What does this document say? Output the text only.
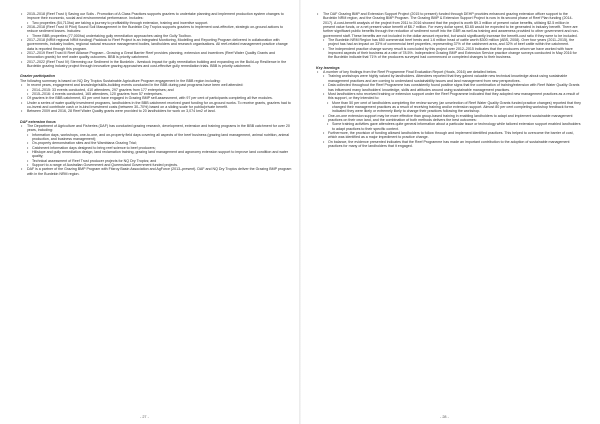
• 2015–2018 (Reef Trust I) Saving our Soils - Promotion of A Class Practices supports graziers to undertake planning and implement production system changes to improve their economic, social and environmental performance. Includes:
• Two properties (54,713ha) are taking a journey to profitability through extension, training and incentive support.
• 2016–2018 (Reef Trust III Pilot) Sound Soil Management in the Burdekin Dry Tropics supports graziers to implement cost-effective, strategic on-ground actions to reduce sediment losses. Includes:
• Three BBB properties (77,000ha) undertaking gully remediation approaches using the Gully Toolbox.
• 2017–2018 (NRM regional NRM funding) Paddock to Reef Project is an Integrated Monitoring, Modelling and Reporting Program delivered in collaboration with governments, industry bodies, regional natural resource management bodies, landholders and research organisations. All reef-related management practice change data is reported through this program.
• 2017–2019 Reef Trust III Reef Alliance Program - Growing a Great Barrier Reef provides planning, extension and incentives (Reef Water Quality Grants and Innovation grants) for reef water quality outcomes. BBB is priority catchment.
• 2017–2022 (Reef Trust IV) Stemming our Sediment in the Burdekin - livestock impact for gully remediation building and expanding on the Build-up Resilience in the Burdekin grazing industry project through innovative grazing approaches and cost-effective gully remediation trials. BBB is priority catchment.
Grazier participation

The following summary is based on NQ Dry Tropics Sustainable Agriculture Program engagement in the BBB region including:

• In recent years, engagement and knowledge/skills-building events conducted in the BBB during past programs have been well attended:
• 2014–2015: 33 events conducted, 410 attendees, 297 graziers from 177 enterprises; and
• 2015–2016: 4 events conducted, 165 attendees, 120 graziers from 57 enterprises.
• Of graziers in the BBB catchment, 63 per cent have engaged in Grazing BMP self-assessment, with 97 per cent of participants completing all five modules.
• Under a series of water quality investment programs, landholders in the BBB catchment received grant funding for on-ground works. To receive grants, graziers had to co-invest and contribute cash or in-kind investment costs (between 30–70%) based on a sliding scale for public/private benefit.
• Between 2009 and 2016, 28 Reef Water Quality grants were provided to 20 landholders for work on 3,074 km2 of land.
DAF extension focus
• The Department of Agriculture and Fisheries (DAF) has conducted grazing research, development, extension and training programs in the BBB catchment for over 20 years, including:
• Information days, workshops, one-to-one, and on-property field days covering all aspects of the beef business (grazing land management, animal nutrition, animal production, and business management);
• On-property demonstration sites and the Wambiana Grazing Trial;
• Catchment information days designed to bring reef science to beef producers;
• Hillslope and gully remediation design, land reclamation training, grazing land management and agronomy extension support to improve land condition and water quality;
• Technical assessment of Reef Trust producer projects for NQ Dry Tropics; and
• Support to a range of Australian Government and Queensland Government funded projects.
• DAF is a partner of the Grazing BMP Program with Fitzroy Basin Association and AgForce (2013–present). DAF and NQ Dry Tropics deliver the Grazing BMP program with in the Burdekin NRM region.
• The DAF Grazing BMP and Extension Support Project (2015 to present) funded through DEHP provides enhanced grazing extension officer support to the Burdekin NRM region, and the Grazing BMP Program. The Grazing BMP & Extension Support Project is now in its second phase of Reef Plan funding (2014-2017). A cost-benefit analysis of the project from 2011 to 2016 showed that the project is worth $9.3 million of present value benefits, utilising $2.5 million in present value funds, or a net present value benefit of $6.7 million. For every dollar spent, $3.65 would be expected to be generated in industry benefit. There are further significant public benefits through the reduction of sediment runoff into the GBR as well as training and awareness provided to other government and non-government staff. These benefits are not included in the dollar amount reported, but would significantly increase the benefit-cost ratio if they were to be included.
• The Burdekin NRM Region has 650 commercial beef herds and 1.6 million head of cattle worth $300 million (ABS, 2008). Over four years (2011–2015), the project has had an impact on 33% of commercial beef properties, representing 37% of the catchment area, and 32% of beef cattle within the catchment.
• The independent practice change survey result is concluded by this project over 2012–2015 indicates that the producers whom we have worked with have improved aspects of their business at a rate of 78.5%. Independent Grazing BMP and Extension Service practice change surveys conducted in May 2016 for the Burdekin indicate that 71% of the producers surveyed had commenced or completed changes to their business.
Key learnings
• A number of key findings from the Reef Programme Final Evaluation Report (Hoals, 2016) are detailed below.
• Training workshops were highly valued by landholders. Attendees reported that they gained valuable new technical knowledge about using sustainable management practices and are coming to understand sustainability issues and land management from new perspectives.
• Data collected throughout the Reef Programme has consistently found positive signs that the combination of training/extension with Reef Water Quality Grants has influenced many landholders' knowledge, skills and attitudes around using sustainable management practices.
• Most landholders who received training or extension support under the Reef Programme indicated that they adopted new management practices as a result of this support, or they intended to:
• More than 50 per cent of landholders completing the review survey (an unselection of Reef Water Quality Grants funded practice changes) reported that they changed their management practices as a result of receiving training and/or extension support. Almost 80 per cent completing workshop feedback forms indicated they were likely or extremely likely to change their practices following the workshop.
• One-on-one extension support may be more effective than group-based training in enabling landholders to adapt and implement sustainable management practices on their own land, and the combination of both methods delivers the best outcomes:
• Some training activities gave attendees quite general information about a particular issue or technology while tailored extension support enabled landholders to adapt practices to their specific context.
• Furthermore, the provision of funding allowed landholders to follow through and implement identified practices. This helped to overcome the barrier of cost, which was identified as a major impediment to practice change.
• On balance, the evidence presented indicates that the Reef Programme has made an important contribution to the adoption of sustainable management practices for many of the landholders that it engaged.
- 27 -	- 28 -
